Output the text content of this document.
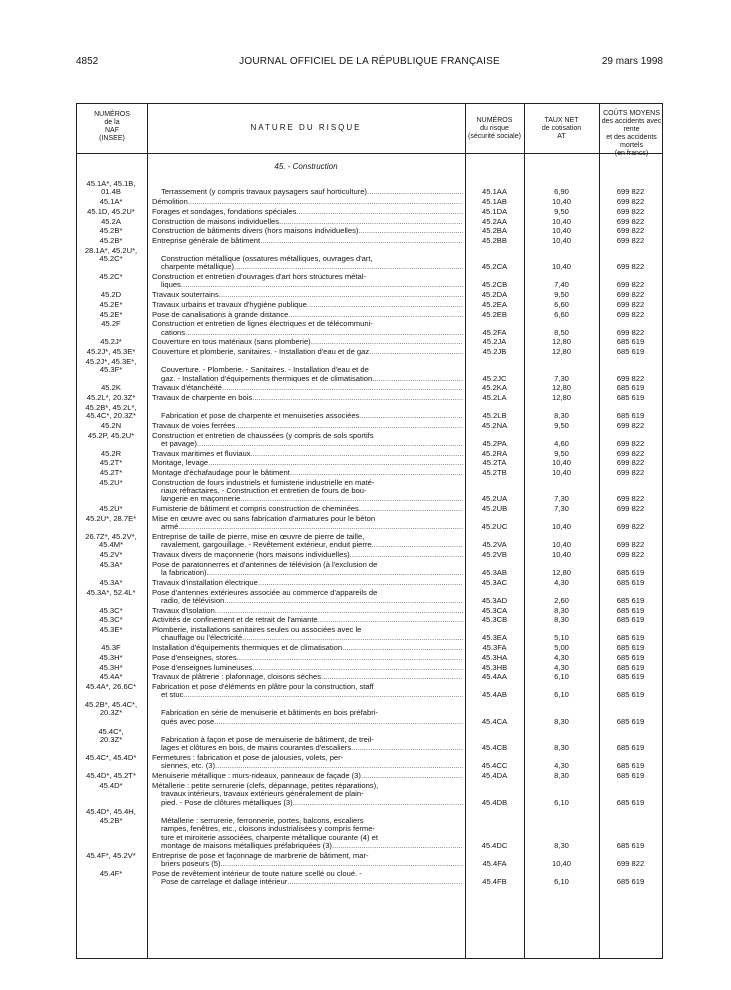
4852	JOURNAL OFFICIEL DE LA RÉPUBLIQUE FRANÇAISE	29 mars 1998
NUMÉROS
de la
NAF
(INSEE)
NATURE DU RISQUE
NUMÉROS
du risque
(sécurité sociale)
TAUX NET
de cotisation
AT
COÛTS MOYENS
des accidents avec rente
et des accidents mortels
(en francs)
45. - Construction
45.1A*, 45.1B,
01.4B	Terrassement (y compris travaux paysagers sauf horticulture) .....	45.1AA	6,90	699 822
45.1A*	Démolition .....	45.1AB	10,40	699 822
45.1D, 45.2U*	Forages et sondages, fondations spéciales .....	45.1DA	9,50	699 822
45.2A	Construction de maisons individuelles .....	45.2AA	10,40	699 822
45.2B*	Construction de bâtiments divers (hors maisons individuelles) .....	45.2BA	10,40	699 822
45.2B*	Entreprise générale de bâtiment .....	45.2BB	10,40	699 822
28.1A*, 45.2U*,
45.2C*	Construction métallique (ossatures métalliques, ouvrages d'art,
charpente métallique) .....	45.2CA	10,40	699 822
45.2C*	Construction et entretien d'ouvrages d'art hors structures métal-
liques .....	45.2CB	7,40	699 822
45.2D	Travaux souterrains .....	45.2DA	9,50	699 822
45.2E*	Travaux urbains et travaux d'hygiène publique .....	45.2EA	6,60	699 822
45.2E*	Pose de canalisations à grande distance .....	45.2EB	6,60	699 822
45.2F	Construction et entretien de lignes électriques et de télécommuni-
cations .....	45.2FA	8,50	699 822
45.2J*	Couverture en tous matériaux (sans plomberie) .....	45.2JA	12,80	685 619
45.2J*, 45.3E*	Couverture et plomberie, sanitaires. - Installation d'eau et de gaz .....	45.2JB	12,80	685 619
45.2J*, 45.3E*,
45.3F*	Couverture. - Plomberie. - Sanitaires. - Installation d'eau et de
gaz. - Installation d'équipements thermiques et de climatisation .....	45.2JC	7,30	699 822
45.2K	Travaux d'étanchéité .....	45.2KA	12,80	685 619
45.2L*, 20.3Z*	Travaux de charpente en bois .....	45.2LA	12,80	685 619
45.2B*, 45.2L*,
45.4C*, 20.3Z*	Fabrication et pose de charpente et menuiseries associées .....	45.2LB	8,30	685 619
45.2N	Travaux de voies ferrées .....	45.2NA	9,50	699 822
45.2P, 45.2U*	Construction et entretien de chaussées (y compris de sols sportifs
et pavage) .....	45.2PA	4,60	699 822
45.2R	Travaux maritimes et fluviaux .....	45.2RA	9,50	699 822
45.2T*	Montage, levage .....	45.2TA	10,40	699 822
45.2T*	Montage d'échafaudage pour le bâtiment .....	45.2TB	10,40	699 822
45.2U*	Construction de fours industriels et fumisterie industrielle en maté-
riaux réfractaires. - Construction et entretien de fours de bou-
langerie en maçonnerie .....	45.2UA	7,30	699 822
45.2U*	Fumisterie de bâtiment et compris construction de cheminées .....	45.2UB	7,30	699 822
45.2U*, 28.7E*	Mise en œuvre avec ou sans fabrication d'armatures pour le béton
armé .....	45.2UC	10,40	699 822
26.7Z*, 45.2V*,
45.4M*
Entreprise de taille de pierre, mise en œuvre de pierre de taille,
ravalement, gargouillage. - Revêtement extérieur, enduit pierre .....	45.2VA	10,40	699 822
45.2V*	Travaux divers de maçonnerie (hors maisons individuelles) .....	45.2VB	10,40	699 822
45.3A*	Pose de paratonnerres et d'antennes de télévision (à l'exclusion de
la fabrication) .....	45.3AB	12,80	685 619
45.3A*	Travaux d'installation électrique .....	45.3AC	4,30	685 619
45.3A*, 52.4L*	Pose d'antennes extérieures associée au commerce d'appareils de
radio, de télévision .....	45.3AD	2,60	685 619
45.3C*	Travaux d'isolation .....	45.3CA	8,30	685 619
45.3C*	Activités de confinement et de retrait de l'amiante .....	45.3CB	8,30	685 619
45.3E*	Plomberie, installations sanitaires seules ou associées avec le
chauffage ou l'électricité .....	45.3EA	5,10	685 619
45.3F	Installation d'équipements thermiques et de climatisation .....	45.3FA	5,00	685 619
45.3H*	Pose d'enseignes, stores .....	45.3HA	4,30	685 619
45.3H*	Pose d'enseignes lumineuses .....	45.3HB	4,30	685 619
45.4A*	Travaux de plâtrerie : plafonnage, cloisons sèches .....	45.4AA	6,10	685 619
45.4A*, 26.6C*	Fabrication et pose d'éléments en plâtre pour la construction, staff
et stuc .....	45.4AB	6,10	685 619
45.2B*, 45.4C*,
20.3Z*	Fabrication en série de menuiserie et bâtiments en bois préfabri-
qués avec pose .....	45.4CA	8,30	685 619
45.4C*,
20.3Z*	Fabrication à façon et pose de menuiserie de bâtiment, de treil-
lages et clôtures en bois, de mains courantes d'escaliers .....	45.4CB	8,30	685 619
45.4C*, 45.4D*	Fermetures : fabrication et pose de jalousies, volets, per-
siennes, etc. (3) .....	45.4CC	4,30	685 619
45.4D*, 45.2T*	Menuiserie métallique : murs-rideaux, panneaux de façade (3) .....	45.4DA	8,30	685 619
45.4D*	Métallerie : petite serrurerie (clefs, dépannage, petites réparations),
travaux intérieurs, travaux extérieurs généralement de plain-
pied. - Pose de clôtures métalliques (3) .....	45.4DB	6,10	685 619
45.4D*, 45.4H,
45.2B*	Métallerie : serrurerie, ferronnerie, portes, balcons, escaliers
rampes, fenêtres, etc., cloisons industrialisées y compris ferme-
ture et miroiterie associées, charpente métallique courante (4) et
montage de maisons métalliques préfabriquées (3) .....	45.4DC	8,30	685 619
45.4F*, 45.2V*	Entreprise de pose et façonnage de marbrerie de bâtiment, mar-
briers poseurs (5) .....	45.4FA	10,40	699 822
45.4F*	Pose de revêtement intérieur de toute nature scellé ou cloué. -
Pose de carrelage et dallage intérieur .....	45.4FB	6,10	685 619
